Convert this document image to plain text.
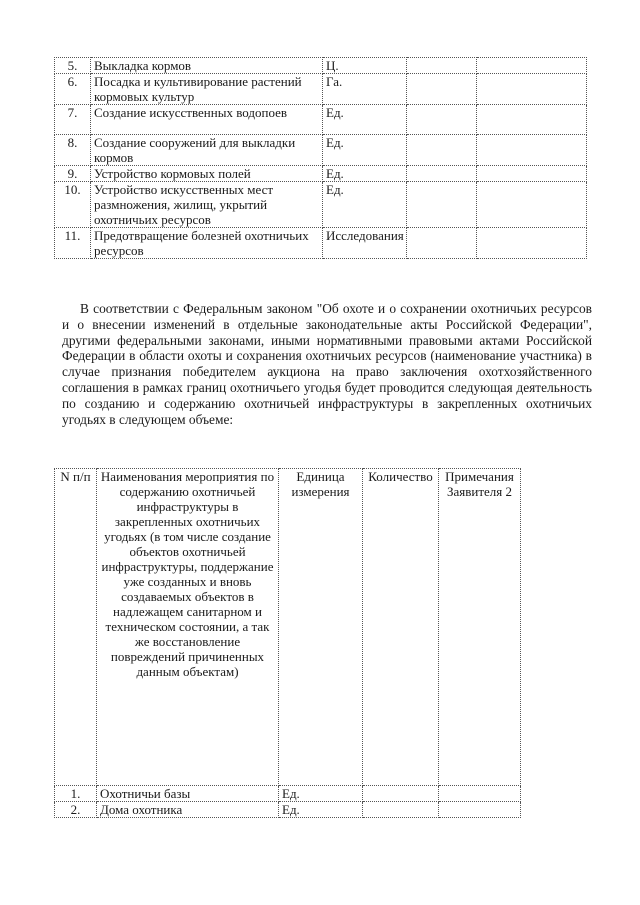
5.	Выкладка кормов	Ц.		
6.	Посадка и культивирование растений кормовых культур	Га.		
7.	Создание искусственных водопоев	Ед.		
8.	Создание сооружений для выкладки кормов	Ед.		
9.	Устройство кормовых полей	Ед.		
10.	Устройство искусственных мест размножения, жилищ, укрытий охотничьих ресурсов	Ед.		
11.	Предотвращение болезней охотничьих ресурсов	Исследования		

В соответствии с Федеральным законом "Об охоте и о сохранении охотничьих ресурсов и о внесении изменений в отдельные законодательные акты Российской Федерации", другими федеральными законами, иными нормативными правовыми актами Российской Федерации в области охоты и сохранения охотничьих ресурсов (наименование участника) в случае признания победителем аукциона на право заключения охотхозяйственного соглашения в рамках границ охотничьего угодья будет проводится следующая деятельность по созданию и содержанию охотничьей инфраструктуры в закрепленных охотничьих угодьях в следующем объеме:

N п/п	Наименования мероприятия по содержанию охотничьей инфраструктуры в закрепленных охотничьих угодьях (в том числе создание объектов охотничьей инфраструктуры, поддержание уже созданных и вновь создаваемых объектов в надлежащем санитарном и техническом состоянии, а так же восстановление повреждений причиненных данным объектам)	Единица измерения	Количество	Примечания Заявителя 2
1.	Охотничьи базы	Ед.		
2.	Дома охотника	Ед.		
